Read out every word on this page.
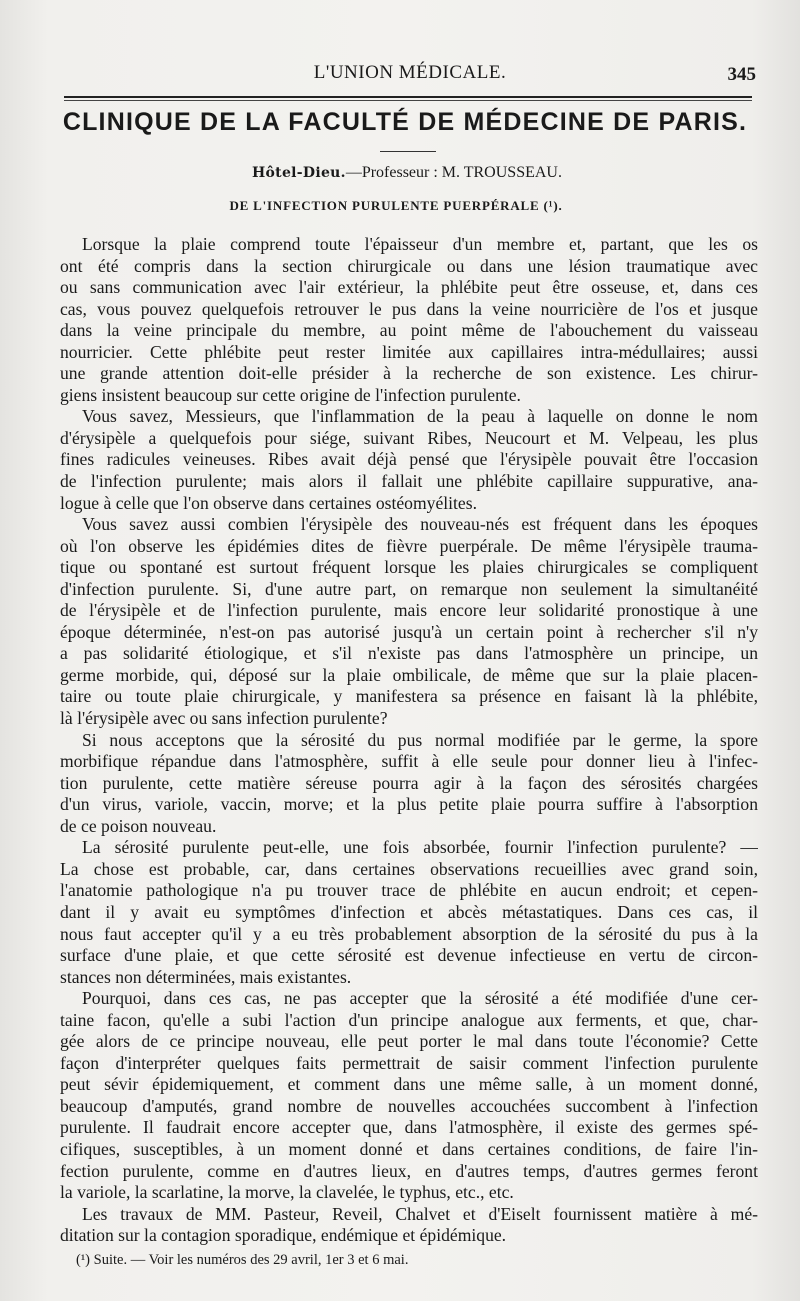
L'UNION MÉDICALE.	345
CLINIQUE DE LA FACULTÉ DE MÉDECINE DE PARIS.
Hôtel-Dieu.—Professeur : M. TROUSSEAU.
DE L'INFECTION PURULENTE PUERPÉRALE (¹).
Lorsque la plaie comprend toute l'épaisseur d'un membre et, partant, que les os
ont été compris dans la section chirurgicale ou dans une lésion traumatique avec
ou sans communication avec l'air extérieur, la phlébite peut être osseuse, et, dans ces
cas, vous pouvez quelquefois retrouver le pus dans la veine nourricière de l'os et jusque
dans la veine principale du membre, au point même de l'abouchement du vaisseau
nourricier. Cette phlébite peut rester limitée aux capillaires intra-médullaires; aussi
une grande attention doit-elle présider à la recherche de son existence. Les chirur-
giens insistent beaucoup sur cette origine de l'infection purulente.
Vous savez, Messieurs, que l'inflammation de la peau à laquelle on donne le nom
d'érysipèle a quelquefois pour siége, suivant Ribes, Neucourt et M. Velpeau, les plus
fines radicules veineuses. Ribes avait déjà pensé que l'érysipèle pouvait être l'occasion
de l'infection purulente; mais alors il fallait une phlébite capillaire suppurative, ana-
logue à celle que l'on observe dans certaines ostéomyélites.
Vous savez aussi combien l'érysipèle des nouveau-nés est fréquent dans les époques
où l'on observe les épidémies dites de fièvre puerpérale. De même l'érysipèle trauma-
tique ou spontané est surtout fréquent lorsque les plaies chirurgicales se compliquent
d'infection purulente. Si, d'une autre part, on remarque non seulement la simultanéité
de l'érysipèle et de l'infection purulente, mais encore leur solidarité pronostique à une
époque déterminée, n'est-on pas autorisé jusqu'à un certain point à rechercher s'il n'y
a pas solidarité étiologique, et s'il n'existe pas dans l'atmosphère un principe, un
germe morbide, qui, déposé sur la plaie ombilicale, de même que sur la plaie placen-
taire ou toute plaie chirurgicale, y manifestera sa présence en faisant là la phlébite,
là l'érysipèle avec ou sans infection purulente?
Si nous acceptons que la sérosité du pus normal modifiée par le germe, la spore
morbifique répandue dans l'atmosphère, suffit à elle seule pour donner lieu à l'infec-
tion purulente, cette matière séreuse pourra agir à la façon des sérosités chargées
d'un virus, variole, vaccin, morve; et la plus petite plaie pourra suffire à l'absorption
de ce poison nouveau.
La sérosité purulente peut-elle, une fois absorbée, fournir l'infection purulente? —
La chose est probable, car, dans certaines observations recueillies avec grand soin,
l'anatomie pathologique n'a pu trouver trace de phlébite en aucun endroit; et cepen-
dant il y avait eu symptômes d'infection et abcès métastatiques. Dans ces cas, il
nous faut accepter qu'il y a eu très probablement absorption de la sérosité du pus à la
surface d'une plaie, et que cette sérosité est devenue infectieuse en vertu de circon-
stances non déterminées, mais existantes.
Pourquoi, dans ces cas, ne pas accepter que la sérosité a été modifiée d'une cer-
taine facon, qu'elle a subi l'action d'un principe analogue aux ferments, et que, char-
gée alors de ce principe nouveau, elle peut porter le mal dans toute l'économie? Cette
façon d'interpréter quelques faits permettrait de saisir comment l'infection purulente
peut sévir épidemiquement, et comment dans une même salle, à un moment donné,
beaucoup d'amputés, grand nombre de nouvelles accouchées succombent à l'infection
purulente. Il faudrait encore accepter que, dans l'atmosphère, il existe des germes spé-
cifiques, susceptibles, à un moment donné et dans certaines conditions, de faire l'in-
fection purulente, comme en d'autres lieux, en d'autres temps, d'autres germes feront
la variole, la scarlatine, la morve, la clavelée, le typhus, etc., etc.
Les travaux de MM. Pasteur, Reveil, Chalvet et d'Eiselt fournissent matière à mé-
ditation sur la contagion sporadique, endémique et épidémique.
(¹) Suite. — Voir les numéros des 29 avril, 1er 3 et 6 mai.
